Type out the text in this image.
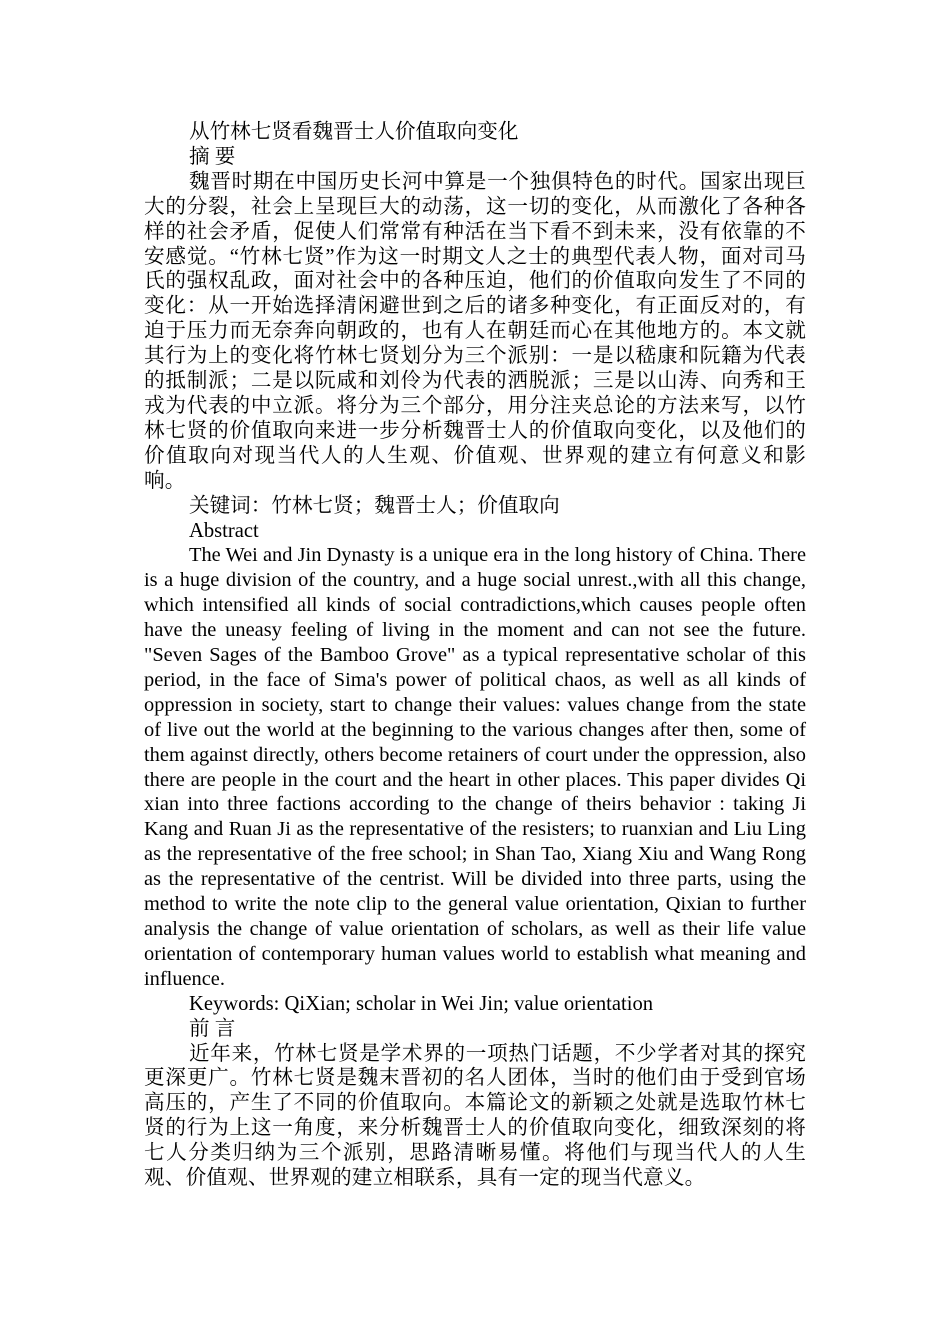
从竹林七贤看魏晋士人价值取向变化

摘 要

魏晋时期在中国历史长河中算是一个独俱特色的时代。国家出现巨大的分裂，社会上呈现巨大的动荡，这一切的变化，从而激化了各种各样的社会矛盾，促使人们常常有种活在当下看不到未来，没有依靠的不安感觉。“竹林七贤”作为这一时期文人之士的典型代表人物，面对司马氏的强权乱政，面对社会中的各种压迫，他们的价值取向发生了不同的变化：从一开始选择清闲避世到之后的诸多种变化，有正面反对的，有迫于压力而无奈奔向朝政的，也有人在朝廷而心在其他地方的。本文就其行为上的变化将竹林七贤划分为三个派别：一是以嵇康和阮籍为代表的抵制派；二是以阮咸和刘伶为代表的洒脱派；三是以山涛、向秀和王戎为代表的中立派。将分为三个部分，用分注夹总论的方法来写，以竹林七贤的价值取向来进一步分析魏晋士人的价值取向变化，以及他们的价值取向对现当代人的人生观、价值观、世界观的建立有何意义和影响。

关键词：竹林七贤；魏晋士人；价值取向

Abstract

The Wei and Jin Dynasty is a unique era in the long history of China. There is a huge division of the country, and a huge social unrest.,with all this change, which intensified all kinds of social contradictions,which causes people often have the uneasy feeling of living in the moment and can not see the future. "Seven Sages of the Bamboo Grove" as a typical representative scholar of this period, in the face of Sima's power of political chaos, as well as all kinds of oppression in society, start to change their values: values change from the state of live out the world at the beginning to the various changes after then, some of them against directly, others become retainers of court under the oppression, also there are people in the court and the heart in other places. This paper divides Qi xian into three factions according to the change of theirs behavior : taking Ji Kang and Ruan Ji as the representative of the resisters; to ruanxian and Liu Ling as the representative of the free school; in Shan Tao, Xiang Xiu and Wang Rong as the representative of the centrist. Will be divided into three parts, using the method to write the note clip to the general value orientation, Qixian to further analysis the change of value orientation of scholars, as well as their life value orientation of contemporary human values world to establish what meaning and influence.

Keywords: QiXian; scholar in Wei Jin; value orientation

前 言

近年来，竹林七贤是学术界的一项热门话题，不少学者对其的探究更深更广。竹林七贤是魏末晋初的名人团体，当时的他们由于受到官场高压的，产生了不同的价值取向。本篇论文的新颖之处就是选取竹林七贤的行为上这一角度，来分析魏晋士人的价值取向变化，细致深刻的将七人分类归纳为三个派别，思路清晰易懂。将他们与现当代人的人生观、价值观、世界观的建立相联系，具有一定的现当代意义。
